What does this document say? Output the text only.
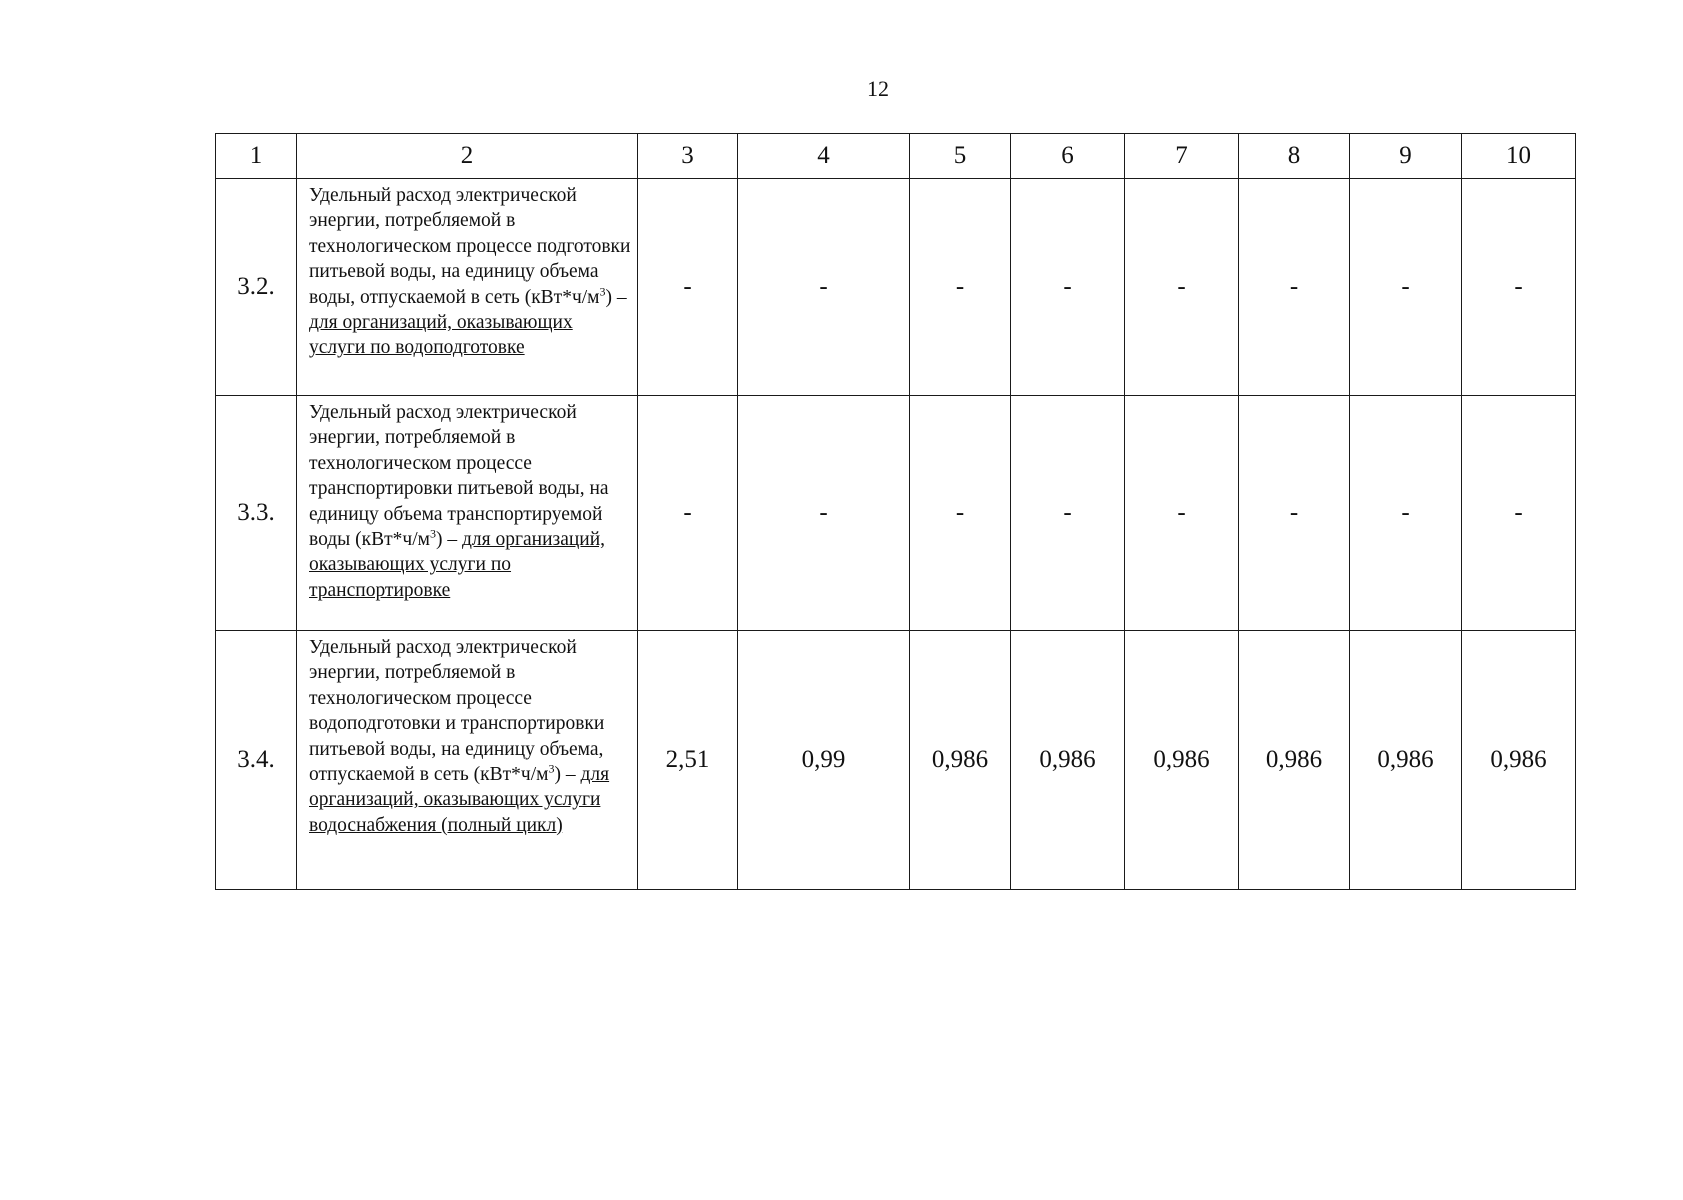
12
1	2	3	4	5	6	7	8	9	10
3.2.	Удельный расход электрической энергии, потребляемой в технологическом процессе подготовки питьевой воды, на единицу объема воды, отпускаемой в сеть $(кВт*ч/м^3)$ – для организаций, оказывающих услуги по водоподготовке	-	-	-	-	-	-	-	-
3.3.	Удельный расход электрической энергии, потребляемой в технологическом процессе транспортировки питьевой воды, на единицу объема транспортируемой воды $(кВт*ч/м^3)$ – для организаций, оказывающих услуги по транспортировке	-	-	-	-	-	-	-	-
3.4.	Удельный расход электрической энергии, потребляемой в технологическом процессе водоподготовки и транспортировки питьевой воды, на единицу объема, отпускаемой в сеть $(кВт*ч/м^3)$ – для организаций, оказывающих услуги водоснабжения (полный цикл)	2,51	0,99	0,986	0,986	0,986	0,986	0,986	0,986
